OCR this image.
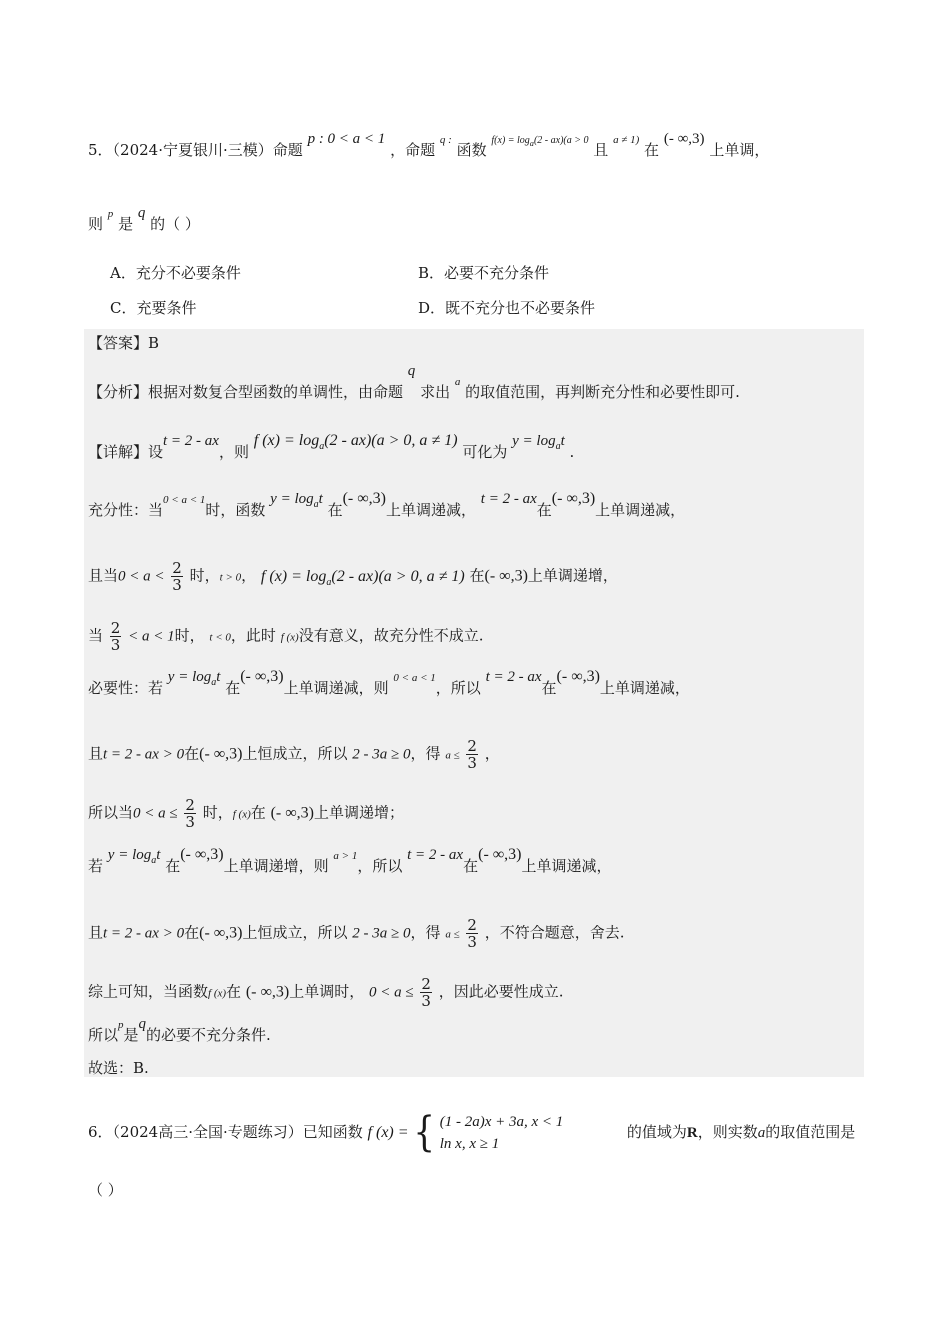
5．（2024·宁夏银川·三模）命题 p : 0 < a < 1 ，命题 $^{q :}$ 函数 $^{f(x) = log_a(2 - ax)(a > 0}$ 且 $^{a \ne 1)}$ 在 (- ∞,3) 上单调，
则 $^p$ 是 q 的（ ）
A．充分不必要条件	B．必要不充分条件
C．充要条件	D．既不充分也不必要条件
【答案】B
【分析】根据对数复合型函数的单调性，由命题 q 求出 $^a$ 的取值范围，再判断充分性和必要性即可.
【详解】设t = 2 - ax，则 f $(x) = \log_a(2 - ax)(a > 0$, a ≠ 1) 可化为 $y = \log_at$ .
充分性：当$^{0 < a < 1}$时，函数 $y = \log_at$ 在(- ∞,3)上单调递减， t = 2 - ax在(- ∞,3)上单调递减，
且当$0 < a < \frac{2}{3}$ 时，t > 0， f $(x) = \log_a(2 - ax)(a > 0$, a ≠ 1) 在(- ∞,3)上单调递增，
当 $\frac{2}{3} < a < 1$时， t < 0，此时 f (x)没有意义，故充分性不成立.
必要性：若 $y = \log_at$ 在(- ∞,3)上单调递减，则 $^{0 < a < 1}$，所以 t = 2 - ax在(- ∞,3)上单调递减，
且t = 2 - ax > 0在(- ∞,3)上恒成立，所以 2 - 3a ≥ 0，得 $a \le \frac{2}{3}$ ，
所以当$0 < a \le \frac{2}{3}$ 时，f (x)在 (- ∞,3)上单调递增；
若 $y = \log_at$ 在(- ∞,3)上单调递增，则 $^{a > 1}$，所以 t = 2 - ax在(- ∞,3)上单调递减，
且t = 2 - ax > 0在(- ∞,3)上恒成立，所以 2 - 3a ≥ 0，得 $a \le \frac{2}{3}$ ，不符合题意，舍去.
综上可知，当函数f (x)在 (- ∞,3)上单调时， $0 < a \le \frac{2}{3}$ ，因此必要性成立.
所以$^p$是q的必要不充分条件.
故选：B.
6．（2024高三·全国·专题练习）已知函数 f (x) = { (1 - 2a)x + 3a, x < 1
ln x, x ≥ 1
的值域为R，则实数a的取值范围是
（ ）
